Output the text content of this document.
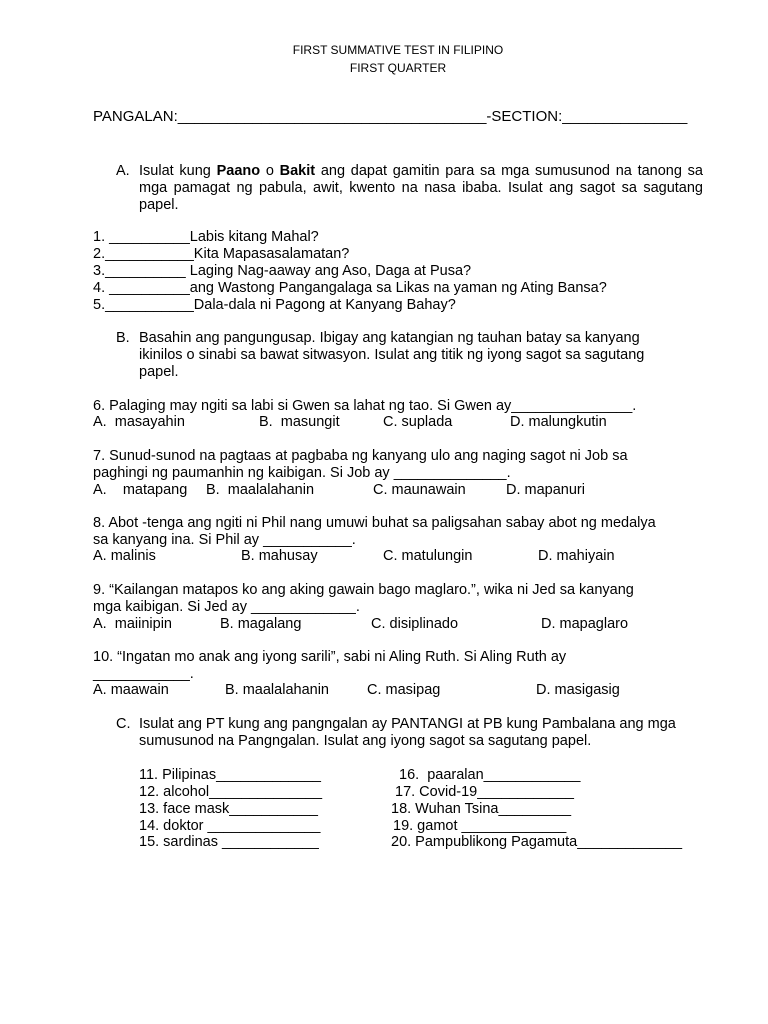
FIRST SUMMATIVE TEST IN FILIPINO
FIRST QUARTER
PANGALAN:_____________________________________-SECTION:_______________
A. Isulat kung Paano o Bakit ang dapat gamitin para sa mga sumusunod na tanong sa mga pamagat ng pabula, awit, kwento na nasa ibaba. Isulat ang sagot sa sagutang papel.
1. __________Labis kitang Mahal?
2.___________Kita Mapasasalamatan?
3.__________ Laging Nag-aaway ang Aso, Daga at Pusa?
4. __________ang Wastong Pangangalaga sa Likas na yaman ng Ating Bansa?
5.___________Dala-dala ni Pagong at Kanyang Bahay?
B. Basahin ang pangungusap. Ibigay ang katangian ng tauhan batay sa kanyang ikinilos o sinabi sa bawat sitwasyon. Isulat ang titik ng iyong sagot sa sagutang papel.
6. Palaging may ngiti sa labi si Gwen sa lahat ng tao. Si Gwen ay_______________.
A.  masayahin	B.  masungit	C. suplada	D. malungkutin
7. Sunud-sunod na pagtaas at pagbaba ng kanyang ulo ang naging sagot ni Job sa
paghingi ng paumanhin ng kaibigan. Si Job ay ______________.
A.    matapang B.  maalalahanin	C. maunawain	D. mapanuri
8. Abot -tenga ang ngiti ni Phil nang umuwi buhat sa paligsahan sabay abot ng medalya
sa kanyang ina. Si Phil ay ___________.
A. malinis	B. mahusay	C. matulungin	D. mahiyain
9. “Kailangan matapos ko ang aking gawain bago maglaro.”, wika ni Jed sa kanyang
mga kaibigan. Si Jed ay _____________.
A.  maiinipin	B. magalang	C. disiplinado	D. mapaglaro
10. “Ingatan mo anak ang iyong sarili”, sabi ni Aling Ruth. Si Aling Ruth ay
____________.
A. maawain	B. maalalahanin	C. masipag	D. masigasig
C. Isulat ang PT kung ang pangngalan ay PANTANGI at PB kung Pambalana ang mga sumusunod na Pangngalan. Isulat ang iyong sagot sa sagutang papel.
11. Pilipinas_____________
12. alcohol______________
13. face mask___________
14. doktor ______________
15. sardinas ____________
16.  paaralan____________
17. Covid-19____________
18. Wuhan Tsina_________
19. gamot _____________
20. Pampublikong Pagamuta_____________
